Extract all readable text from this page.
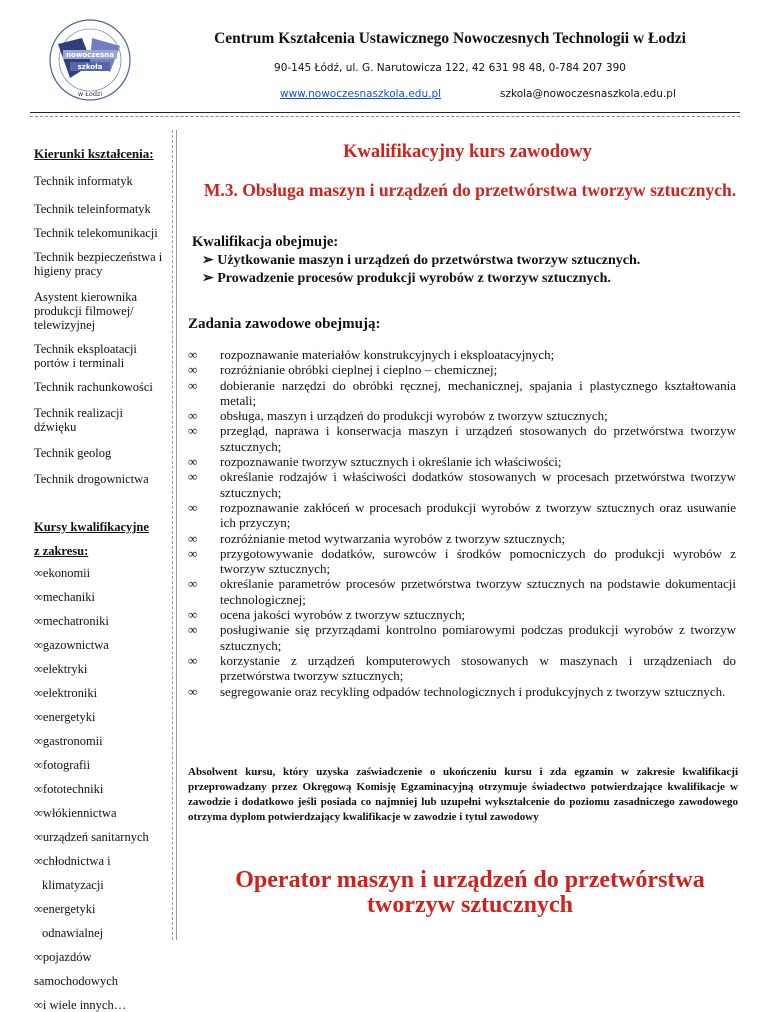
nowoczesna
szkoła
w Łodzi
Centrum Kształcenia Ustawicznego Nowoczesnych Technologii w Łodzi
90-145 Łódź, ul. G. Narutowicza 122, 42 631 98 48, 0-784 207 390
www.nowoczesnaszkola.edu.pl	szkola@nowoczesnaszkola.edu.pl
Kierunki kształcenia:
Technik informatyk
Technik teleinformatyk
Technik telekomunikacji
Technik bezpieczeństwa i higieny pracy
Asystent kierownika produkcji filmowej/ telewizyjnej
Technik eksploatacji portów i terminali
Technik rachunkowości
Technik realizacji dźwięku
Technik geolog
Technik drogownictwa
Kursy kwalifikacyjne
z zakresu:
∞ekonomii
∞mechaniki
∞mechatroniki
∞gazownictwa
∞elektryki
∞elektroniki
∞energetyki
∞gastronomii
∞fotografii
∞fototechniki
∞włókiennictwa
∞urządzeń sanitarnych
∞chłodnictwa i
klimatyzacji
∞energetyki
odnawialnej
∞pojazdów
samochodowych
∞i wiele innych…
Kwalifikacyjny kurs zawodowy
M.3. Obsługa maszyn i urządzeń do przetwórstwa tworzyw sztucznych.
Kwalifikacja obejmuje:
➢ Użytkowanie maszyn i urządzeń do przetwórstwa tworzyw sztucznych.
➢ Prowadzenie procesów produkcji wyrobów z tworzyw sztucznych.
Zadania zawodowe obejmują:
∞ rozpoznawanie materiałów konstrukcyjnych i eksploatacyjnych;
∞ rozróżnianie obróbki cieplnej i cieplno – chemicznej;
∞ dobieranie narzędzi do obróbki ręcznej, mechanicznej, spajania i plastycznego kształtowania metali;
∞ obsługa, maszyn i urządzeń do produkcji wyrobów z tworzyw sztucznych;
∞ przegląd, naprawa i konserwacja maszyn i urządzeń stosowanych do przetwórstwa tworzyw sztucznych;
∞ rozpoznawanie tworzyw sztucznych i określanie ich właściwości;
∞ określanie rodzajów i właściwości dodatków stosowanych w procesach przetwórstwa tworzyw sztucznych;
∞ rozpoznawanie zakłóceń w procesach produkcji wyrobów z tworzyw sztucznych oraz usuwanie ich przyczyn;
∞ rozróżnianie metod wytwarzania wyrobów z tworzyw sztucznych;
∞ przygotowywanie dodatków, surowców i środków pomocniczych do produkcji wyrobów z tworzyw sztucznych;
∞ określanie parametrów procesów przetwórstwa tworzyw sztucznych na podstawie dokumentacji technologicznej;
∞ ocena jakości wyrobów z tworzyw sztucznych;
∞ posługiwanie się przyrządami kontrolno pomiarowymi podczas produkcji wyrobów z tworzyw sztucznych;
∞ korzystanie z urządzeń komputerowych stosowanych w maszynach i urządzeniach do przetwórstwa tworzyw sztucznych;
∞ segregowanie oraz recykling odpadów technologicznych i produkcyjnych z tworzyw sztucznych.
Absolwent kursu, który uzyska zaświadczenie o ukończeniu kursu i zda egzamin w zakresie kwalifikacji przeprowadzany przez Okręgową Komisję Egzaminacyjną otrzymuje świadectwo potwierdzające kwalifikacje w zawodzie i dodatkowo jeśli posiada co najmniej lub uzupełni wykształcenie do poziomu zasadniczego zawodowego otrzyma dyplom potwierdzający kwalifikacje w zawodzie i tytuł zawodowy
Operator maszyn i urządzeń do przetwórstwa tworzyw sztucznych
